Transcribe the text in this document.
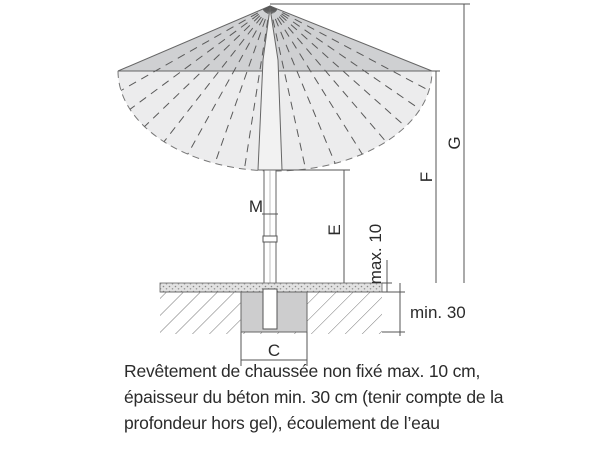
M
E
F
G
max. 10
min. 30
C
Revêtement de chaussée non fixé max. 10 cm,
épaisseur du béton min. 30 cm (tenir compte de la
profondeur hors gel), écoulement de l’eau
